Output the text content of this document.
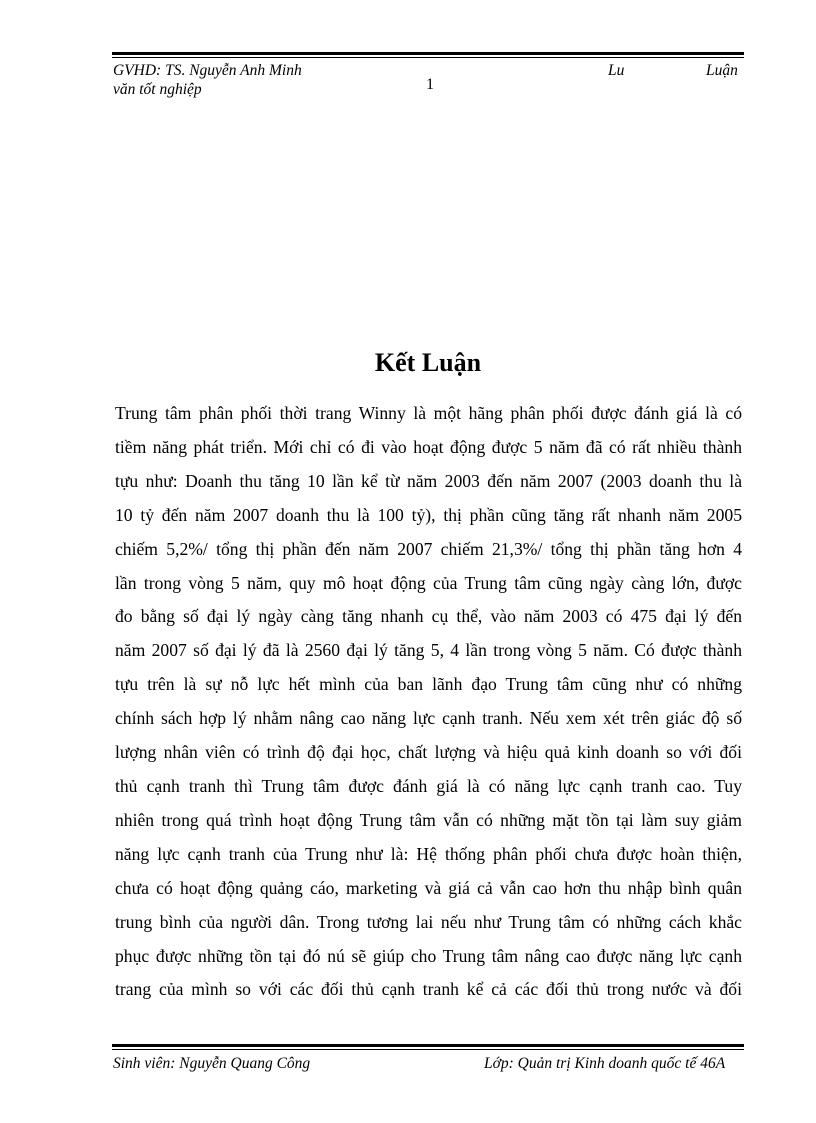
GVHD: TS. Nguyễn Anh Minh	Lu	Luận
văn tốt nghiệp	1
Kết Luận
Trung tâm phân phối thời trang Winny là một hãng phân phối được đánh giá là có
tiềm năng phát triển. Mới chỉ có đi vào hoạt động được 5 năm đã có rất nhiều thành
tựu như: Doanh thu tăng 10 lần kể từ năm 2003 đến năm 2007 (2003 doanh thu là
10 tỷ đến năm 2007 doanh thu là 100 tỷ), thị phần cũng tăng rất nhanh năm 2005
chiếm 5,2%/ tổng thị phần đến năm 2007 chiếm 21,3%/ tổng thị phần tăng hơn 4
lần trong vòng 5 năm, quy mô hoạt động của Trung tâm cũng ngày càng lớn, được
đo bằng số đại lý ngày càng tăng nhanh cụ thể, vào năm 2003 có 475 đại lý đến
năm 2007 số đại lý đã là 2560 đại lý tăng 5, 4 lần trong vòng 5 năm. Có được thành
tựu trên là sự nỗ lực hết mình của ban lãnh đạo Trung tâm cũng như có những
chính sách hợp lý nhằm nâng cao năng lực cạnh tranh. Nếu xem xét trên giác độ số
lượng nhân viên có trình độ đại học, chất lượng và hiệu quả kinh doanh so với đối
thủ cạnh tranh thì Trung tâm được đánh giá là có năng lực cạnh tranh cao. Tuy
nhiên trong quá trình hoạt động Trung tâm vẫn có những mặt tồn tại làm suy giảm
năng lực cạnh tranh của Trung như là: Hệ thống phân phối chưa được hoàn thiện,
chưa có hoạt động quảng cáo, marketing và giá cả vẫn cao hơn thu nhập bình quân
trung bình của người dân. Trong tương lai nếu như Trung tâm có những cách khắc
phục được những tồn tại đó nú sẽ giúp cho Trung tâm nâng cao được năng lực cạnh
trang của mình so với các đối thủ cạnh tranh kể cả các đối thủ trong nước và đối
Sinh viên: Nguyễn Quang Công	Lớp: Quản trị Kinh doanh quốc tế 46A
